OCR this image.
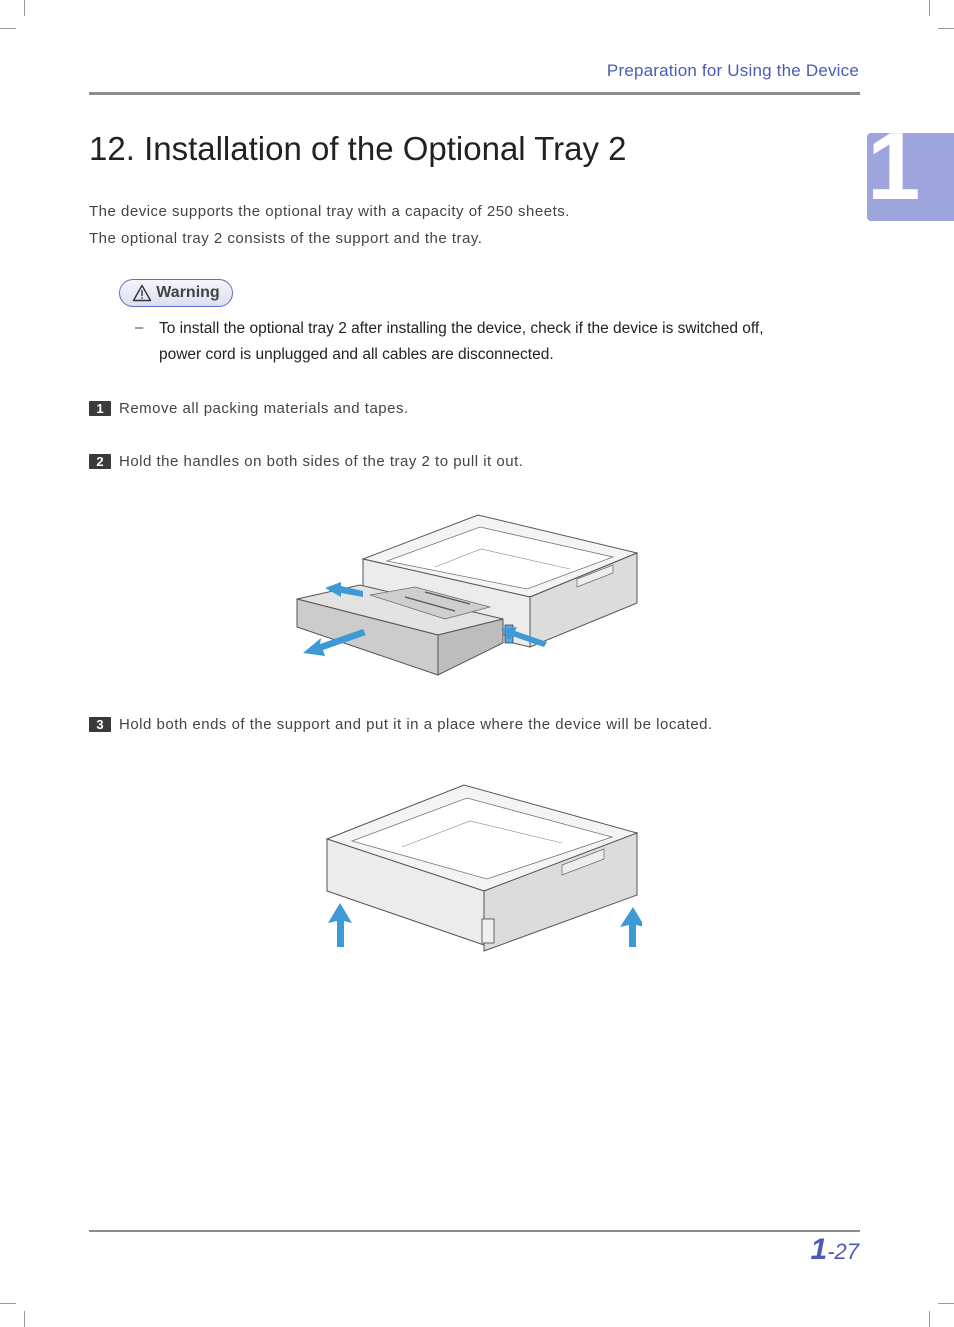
Preparation for Using the Device
1
12. Installation of the Optional Tray 2
The device supports the optional tray with a capacity of 250 sheets.
The optional tray 2 consists of the support and the tray.
Warning
– To install the optional tray 2 after installing the device, check if the device is switched off,
power cord is unplugged and all cables are disconnected.
1	Remove all packing materials and tapes.
2	Hold the handles on both sides of the tray 2 to pull it out.
3	Hold both ends of the support and put it in a place where the device will be located.
1-27
